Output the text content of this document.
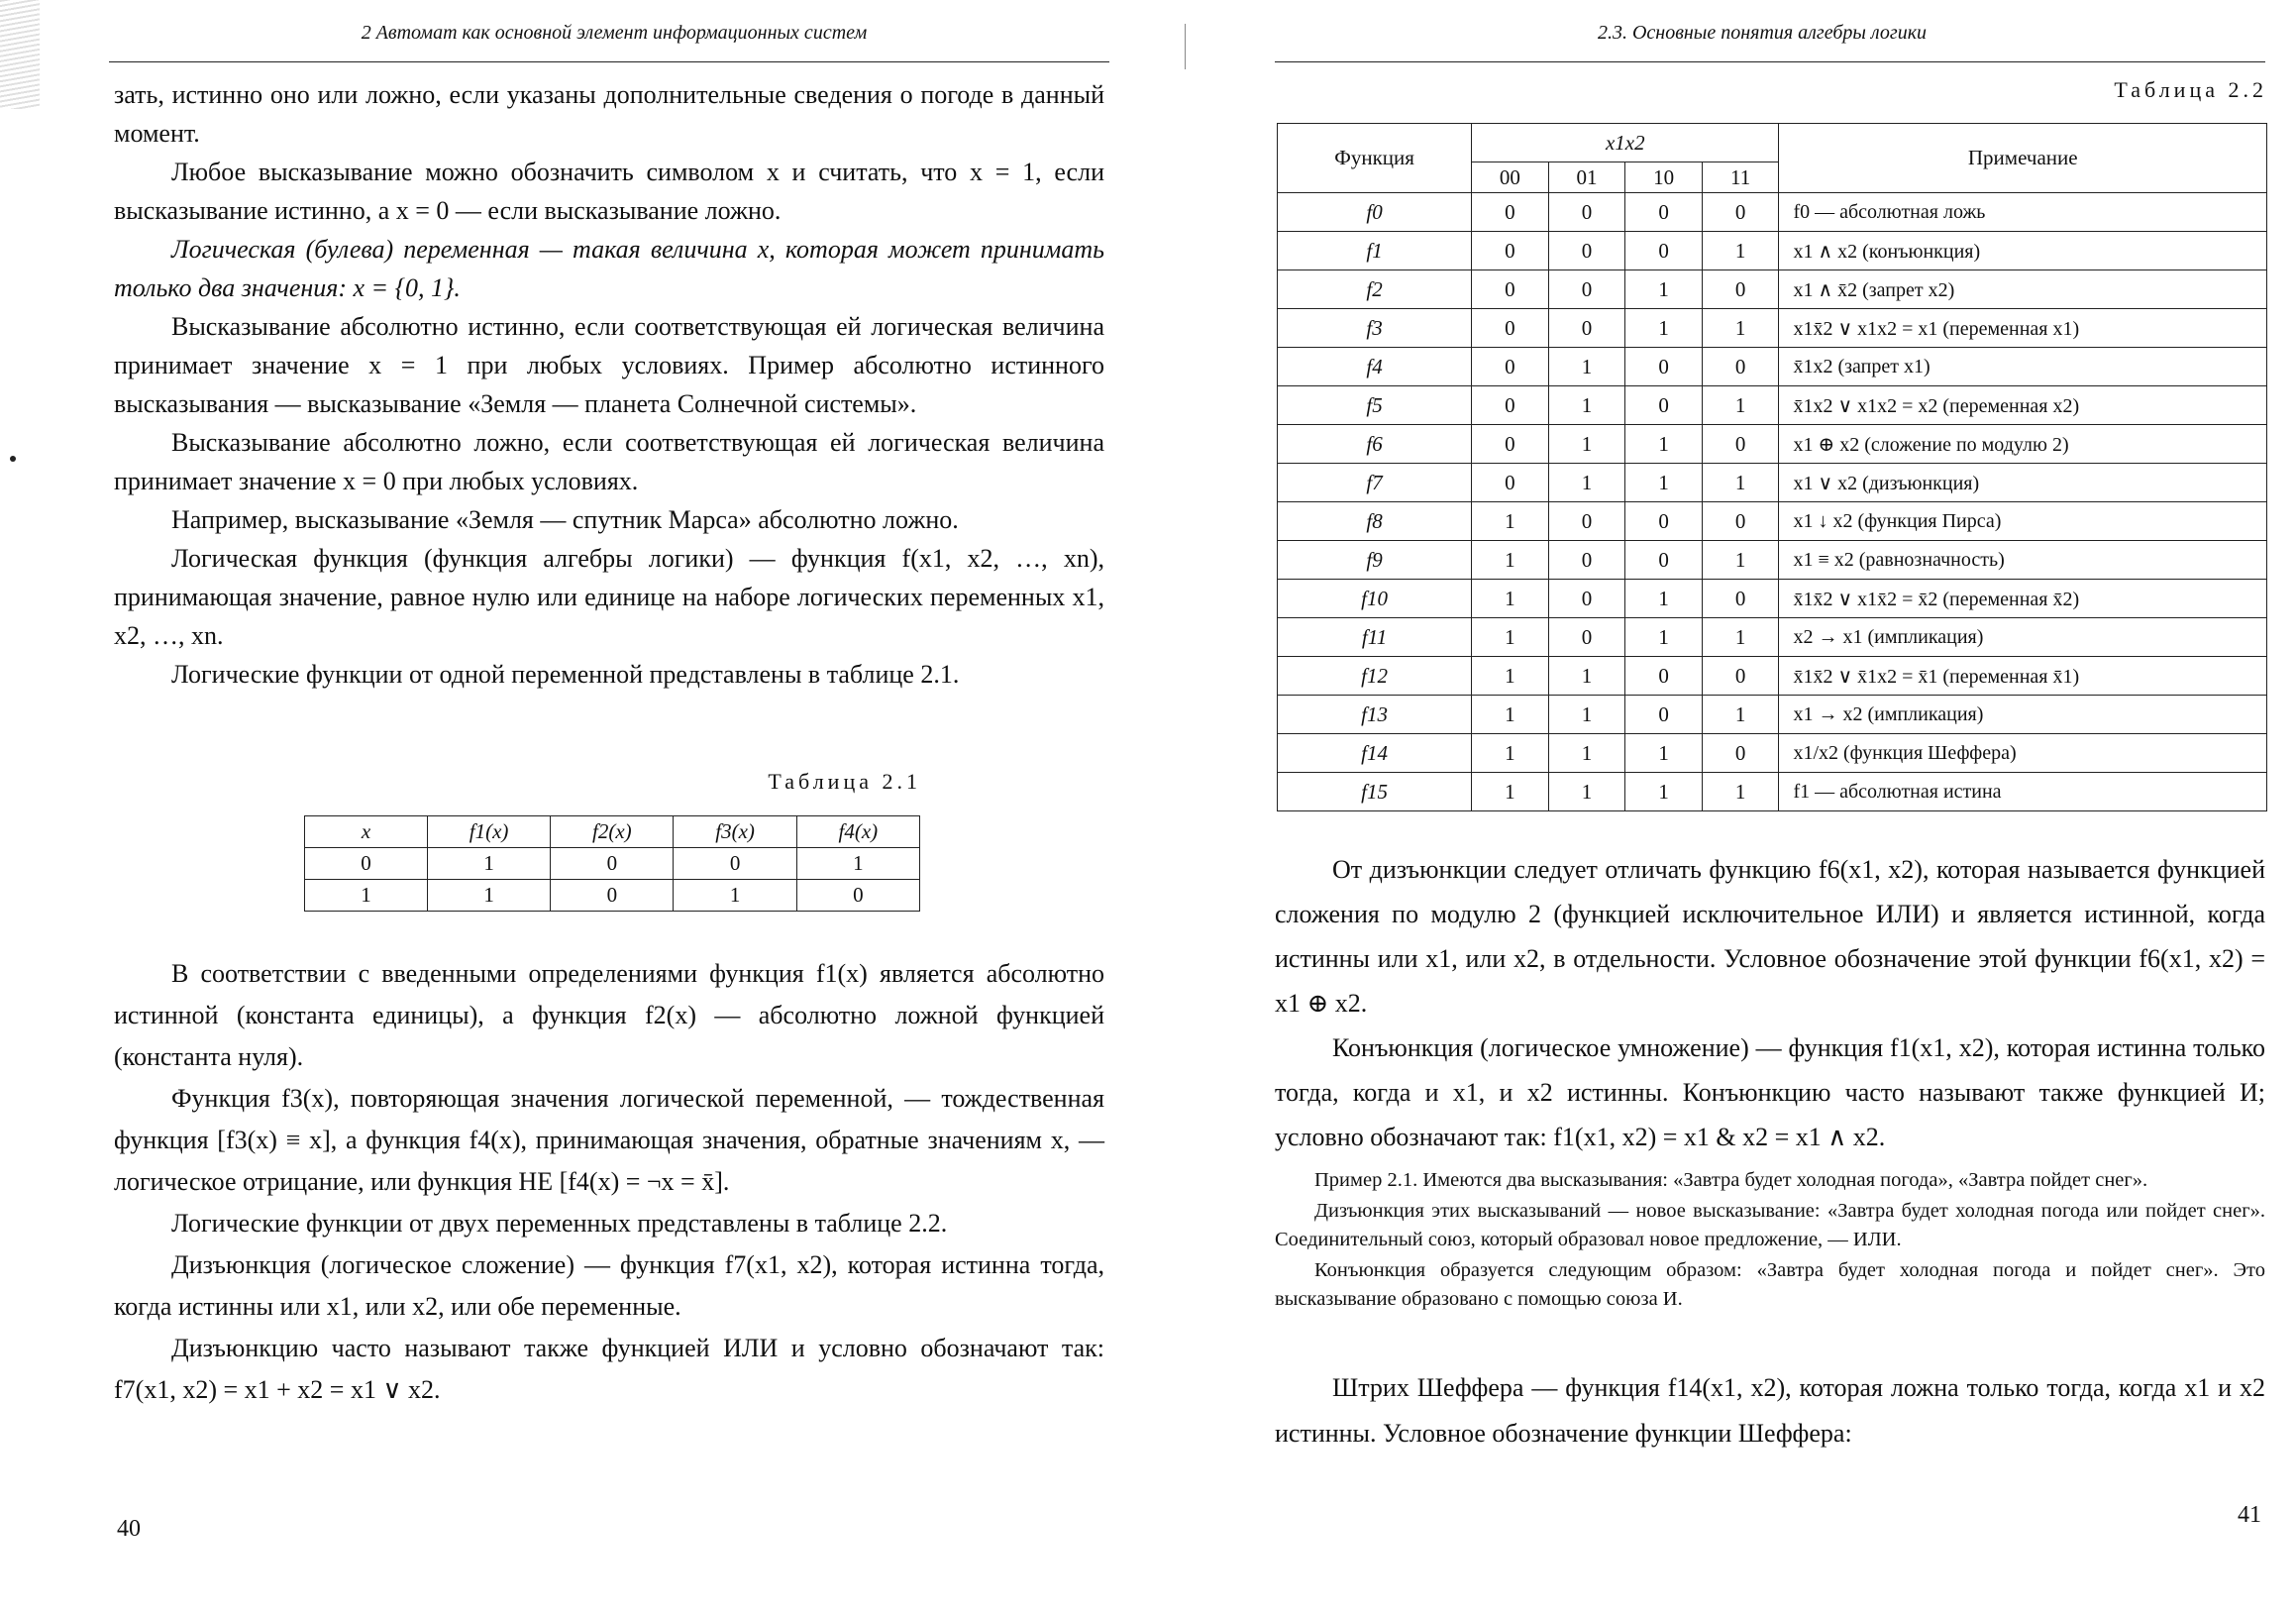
2 Автомат как основной элемент информационных систем

зать, истинно оно или ложно, если указаны дополнительные сведения о погоде в данный момент.

Любое высказывание можно обозначить символом x и считать, что x = 1, если высказывание истинно, а x = 0 — если высказывание ложно.

Логическая (булева) переменная — такая величина x, которая может принимать только два значения: x = {0, 1}.

Высказывание абсолютно истинно, если соответствующая ей логическая величина принимает значение x = 1 при любых условиях. Пример абсолютно истинного высказывания — высказывание «Земля — планета Солнечной системы».

Высказывание абсолютно ложно, если соответствующая ей логическая величина принимает значение x = 0 при любых условиях.

Например, высказывание «Земля — спутник Марса» абсолютно ложно.

Логическая функция (функция алгебры логики) — функция f(x1, x2, …, xn), принимающая значение, равное нулю или единице на наборе логических переменных x1, x2, …, xn.

Логические функции от одной переменной представлены в таблице 2.1.

Таблица 2.1
x	f1(x)	f2(x)	f3(x)	f4(x)
0	1	0	0	1
1	1	0	1	0

В соответствии с введенными определениями функция f1(x) является абсолютно истинной (константа единицы), а функция f2(x) — абсолютно ложной функцией (константа нуля).

Функция f3(x), повторяющая значения логической переменной, — тождественная функция [f3(x) ≡ x], а функция f4(x), принимающая значения, обратные значениям x, — логическое отрицание, или функция НЕ [f4(x) = ¬x = x̄].

Логические функции от двух переменных представлены в таблице 2.2.

Дизъюнкция (логическое сложение) — функция f7(x1, x2), которая истинна тогда, когда истинны или x1, или x2, или обе переменные.

Дизъюнкцию часто называют также функцией ИЛИ и условно обозначают так: f7(x1, x2) = x1 + x2 = x1 ∨ x2.

40
2.3. Основные понятия алгебры логики
Таблица 2.2
Функция	x1x2				Примечание
	00	01	10	11	
f0	0	0	0	0	f0 — абсолютная ложь
f1	0	0	0	1	x1 ∧ x2 (конъюнкция)
f2	0	0	1	0	x1 ∧ x̄2 (запрет x2)
f3	0	0	1	1	x1x̄2 ∨ x1x2 = x1 (переменная x1)
f4	0	1	0	0	x̄1x2 (запрет x1)
f5	0	1	0	1	x̄1x2 ∨ x1x2 = x2 (переменная x2)
f6	0	1	1	0	x1 ⊕ x2 (сложение по модулю 2)
f7	0	1	1	1	x1 ∨ x2 (дизъюнкция)
f8	1	0	0	0	x1 ↓ x2 (функция Пирса)
f9	1	0	0	1	x1 ≡ x2 (равнозначность)
f10	1	0	1	0	x̄1x̄2 ∨ x1x̄2 = x̄2 (переменная x̄2)
f11	1	0	1	1	x2 → x1 (импликация)
f12	1	1	0	0	x̄1x̄2 ∨ x̄1x2 = x̄1 (переменная x̄1)
f13	1	1	0	1	x1 → x2 (импликация)
f14	1	1	1	0	x1/x2 (функция Шеффера)
f15	1	1	1	1	f1 — абсолютная истина

От дизъюнкции следует отличать функцию f6(x1, x2), которая называется функцией сложения по модулю 2 (функцией исключительное ИЛИ) и является истинной, когда истинны или x1, или x2, в отдельности. Условное обозначение этой функции f6(x1, x2) = x1 ⊕ x2.

Конъюнкция (логическое умножение) — функция f1(x1, x2), которая истинна только тогда, когда и x1, и x2 истинны. Конъюнкцию часто называют также функцией И; условно обозначают так: f1(x1, x2) = x1 & x2 = x1 ∧ x2.

Пример 2.1. Имеются два высказывания: «Завтра будет холодная погода», «Завтра пойдет снег».

Дизъюнкция этих высказываний — новое высказывание: «Завтра будет холодная погода или пойдет снег». Соединительный союз, который образовал новое предложение, — ИЛИ.

Конъюнкция образуется следующим образом: «Завтра будет холодная погода и пойдет снег». Это высказывание образовано с помощью союза И.

Штрих Шеффера — функция f14(x1, x2), которая ложна только тогда, когда x1 и x2 истинны. Условное обозначение функции Шеффера:

41
